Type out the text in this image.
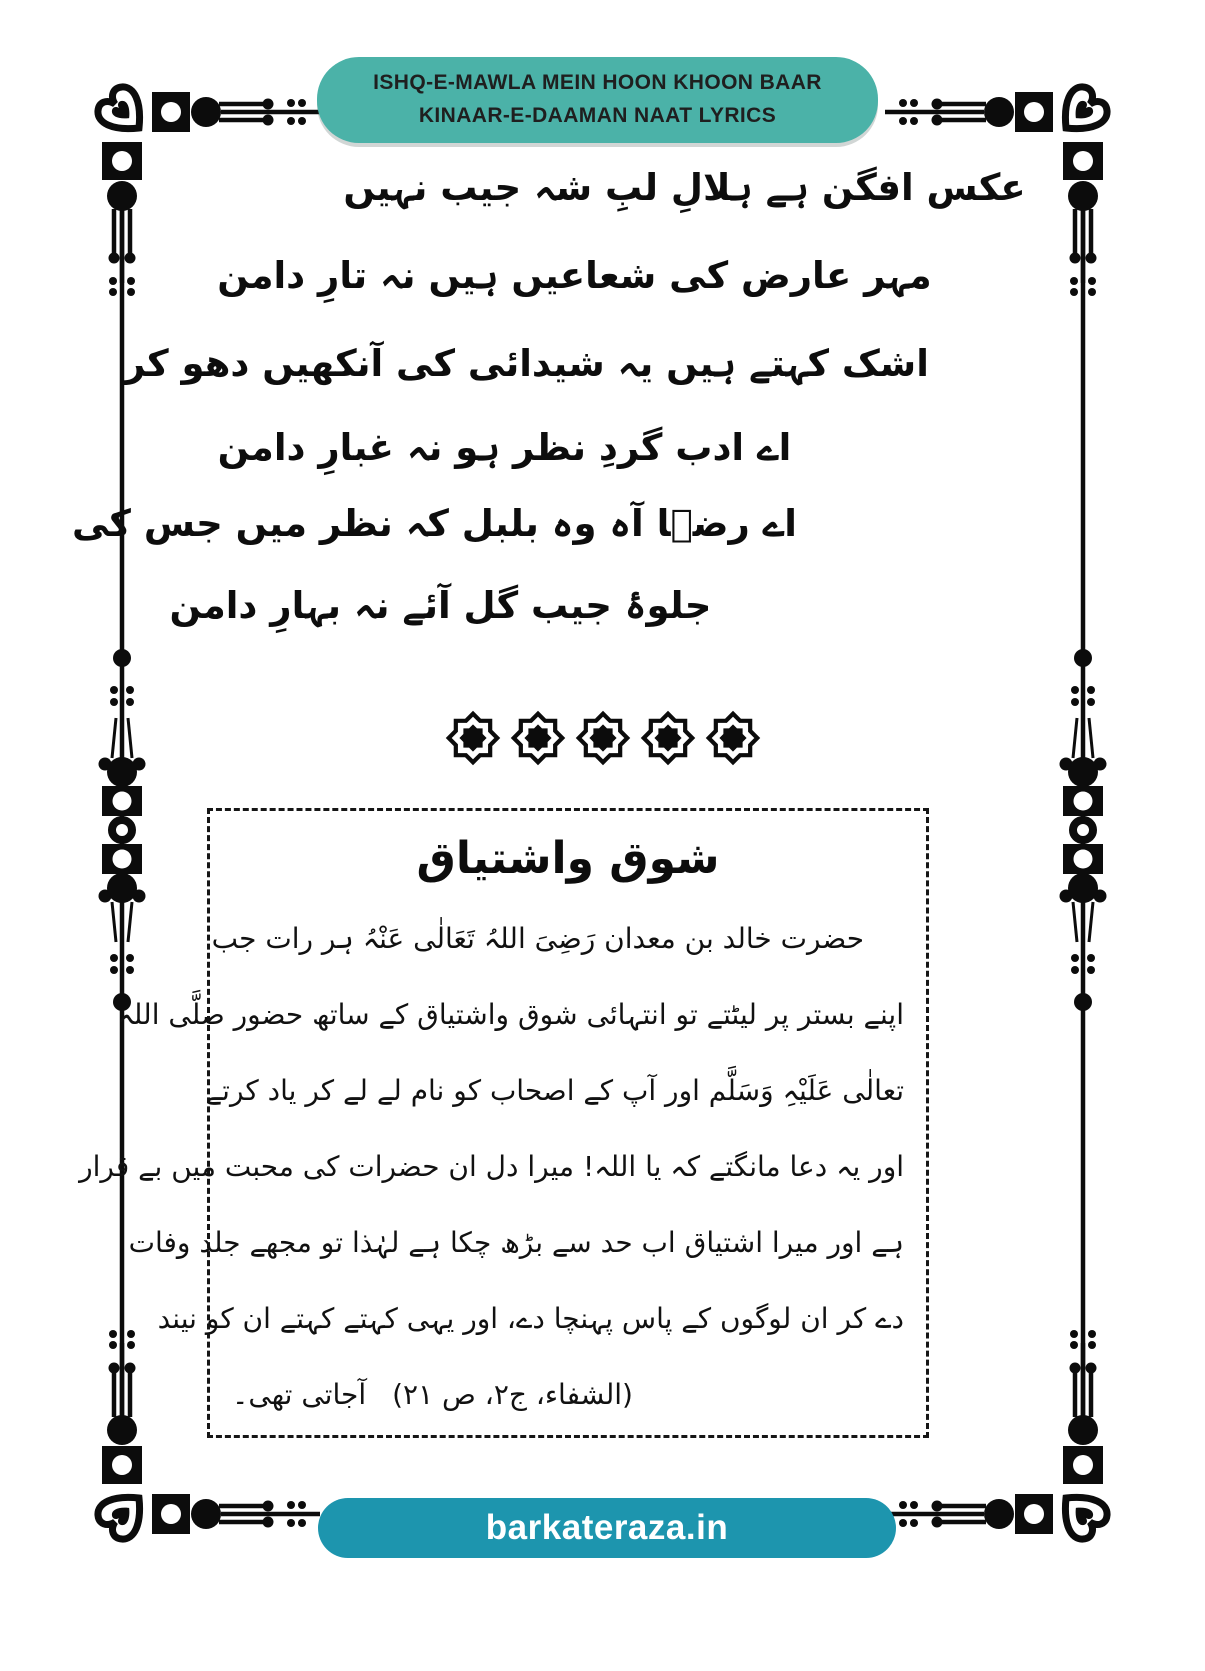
ISHQ-E-MAWLA MEIN HOON KHOON BAAR
KINAAR-E-DAAMAN NAAT LYRICS
عکس افگن ہے ہلالِ لبِ شہ جیب نہیں
مہر عارض کی شعاعیں ہیں نہ تارِ دامن
اشک کہتے ہیں یہ شیدائی کی آنکھیں دھو کر
اے ادب گردِ نظر ہو نہ غبارِ دامن
اے رضؔا آہ وہ بلبل کہ نظر میں جس کی
جلوۂ جیب گل آئے نہ بہارِ دامن
شوق واشتیاق
حضرت خالد بن معدان رَضِیَ اللہُ تَعَالٰی عَنْہُ ہر رات جب
اپنے بستر پر لیٹتے تو انتہائی شوق واشتیاق کے ساتھ حضور صلَّی اللہ
تعالٰی عَلَیْہِ وَسَلَّم اور آپ کے اصحاب کو نام لے لے کر یاد کرتے
اور یہ دعا مانگتے کہ یا اللہ! میرا دل ان حضرات کی محبت میں بے قرار
ہے اور میرا اشتیاق اب حد سے بڑھ چکا ہے لہٰذا تو مجھے جلد وفات
دے کر ان لوگوں کے پاس پہنچا دے، اور یہی کہتے کہتے ان کو نیند
آجاتی تھی۔ (الشفاء، ج۲، ص ۲۱)
barkateraza.in
